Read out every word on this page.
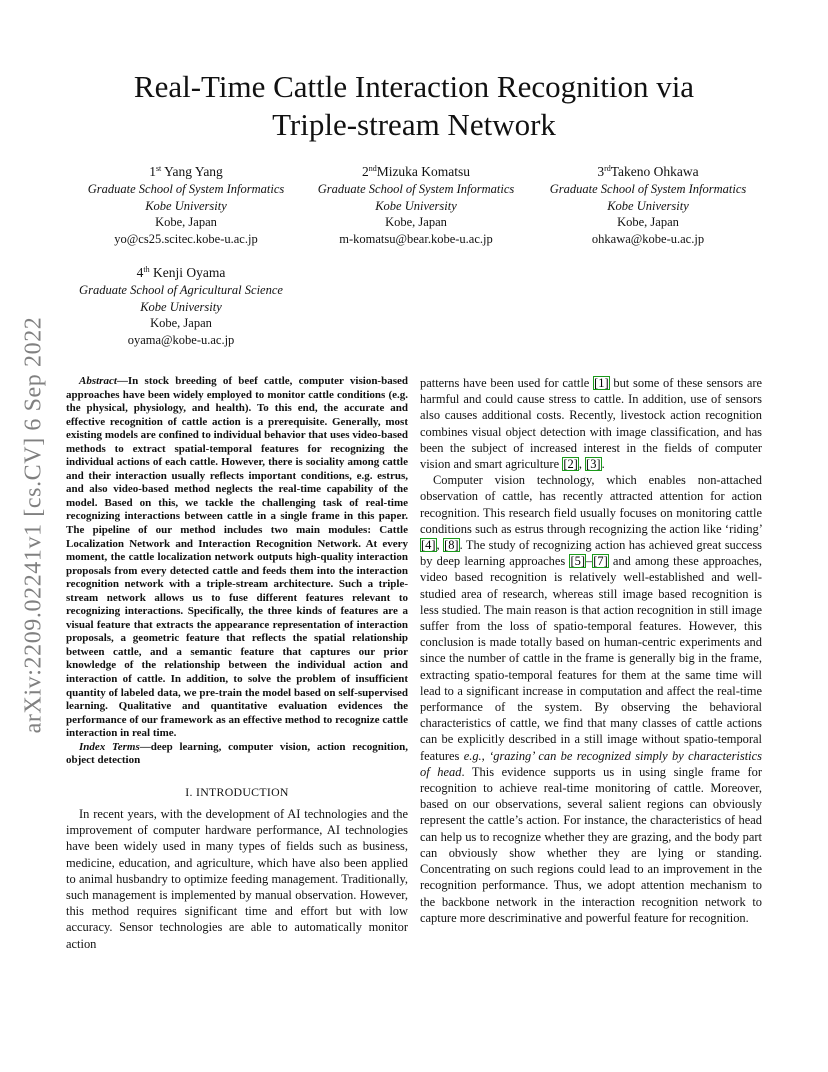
arXiv:2209.02241v1 [cs.CV] 6 Sep 2022
Real-Time Cattle Interaction Recognition via
Triple-stream Network
1st Yang Yang
Graduate School of System Informatics
Kobe University
Kobe, Japan
yo@cs25.scitec.kobe-u.ac.jp
2ndMizuka Komatsu
Graduate School of System Informatics
Kobe University
Kobe, Japan
m-komatsu@bear.kobe-u.ac.jp
3rdTakeno Ohkawa
Graduate School of System Informatics
Kobe University
Kobe, Japan
ohkawa@kobe-u.ac.jp
4th Kenji Oyama
Graduate School of Agricultural Science
Kobe University
Kobe, Japan
oyama@kobe-u.ac.jp

Abstract—In stock breeding of beef cattle, computer vision-based approaches have been widely employed to monitor cattle conditions (e.g. the physical, physiology, and health). To this end, the accurate and effective recognition of cattle action is a prerequisite. Generally, most existing models are confined to individual behavior that uses video-based methods to extract spatial-temporal features for recognizing the individual actions of each cattle. However, there is sociality among cattle and their interaction usually reflects important conditions, e.g. estrus, and also video-based method neglects the real-time capability of the model. Based on this, we tackle the challenging task of real-time recognizing interactions between cattle in a single frame in this paper. The pipeline of our method includes two main modules: Cattle Localization Network and Interaction Recognition Network. At every moment, the cattle localization network outputs high-quality interaction proposals from every detected cattle and feeds them into the interaction recognition network with a triple-stream architecture. Such a triple-stream network allows us to fuse different features relevant to recognizing interactions. Specifically, the three kinds of features are a visual feature that extracts the appearance representation of interaction proposals, a geometric feature that reflects the spatial relationship between cattle, and a semantic feature that captures our prior knowledge of the relationship between the individual action and interaction of cattle. In addition, to solve the problem of insufficient quantity of labeled data, we pre-train the model based on self-supervised learning. Qualitative and quantitative evaluation evidences the performance of our framework as an effective method to recognize cattle interaction in real time.

Index Terms—deep learning, computer vision, action recognition, object detection

I. INTRODUCTION

In recent years, with the development of AI technologies and the improvement of computer hardware performance, AI technologies have been widely used in many types of fields such as business, medicine, education, and agriculture, which have also been applied to animal husbandry to optimize feeding management. Traditionally, such management is implemented by manual observation. However, this method requires significant time and effort but with low accuracy. Sensor technologies are able to automatically monitor action

patterns have been used for cattle [1] but some of these sensors are harmful and could cause stress to cattle. In addition, use of sensors also causes additional costs. Recently, livestock action recognition combines visual object detection with image classification, and has been the subject of increased interest in the fields of computer vision and smart agriculture [2], [3].

Computer vision technology, which enables non-attached observation of cattle, has recently attracted attention for action recognition. This research field usually focuses on monitoring cattle conditions such as estrus through recognizing the action like ‘riding’ [4], [8]. The study of recognizing action has achieved great success by deep learning approaches [5]–[7] and among these approaches, video based recognition is relatively well-established and well-studied area of research, whereas still image based recognition is less studied. The main reason is that action recognition in still image suffer from the loss of spatio-temporal features. However, this conclusion is made totally based on human-centric experiments and since the number of cattle in the frame is generally big in the frame, extracting spatio-temporal features for them at the same time will lead to a significant increase in computation and affect the real-time performance of the system. By observing the behavioral characteristics of cattle, we find that many classes of cattle actions can be explicitly described in a still image without spatio-temporal features e.g., ‘grazing’ can be recognized simply by characteristics of head. This evidence supports us in using single frame for recognition to achieve real-time monitoring of cattle. Moreover, based on our observations, several salient regions can obviously represent the cattle’s action. For instance, the characteristics of head can help us to recognize whether they are grazing, and the body part can obviously show whether they are lying or standing. Concentrating on such regions could lead to an improvement in the recognition performance. Thus, we adopt attention mechanism to the backbone network in the interaction recognition network to capture more descriminative and powerful feature for recognition.
